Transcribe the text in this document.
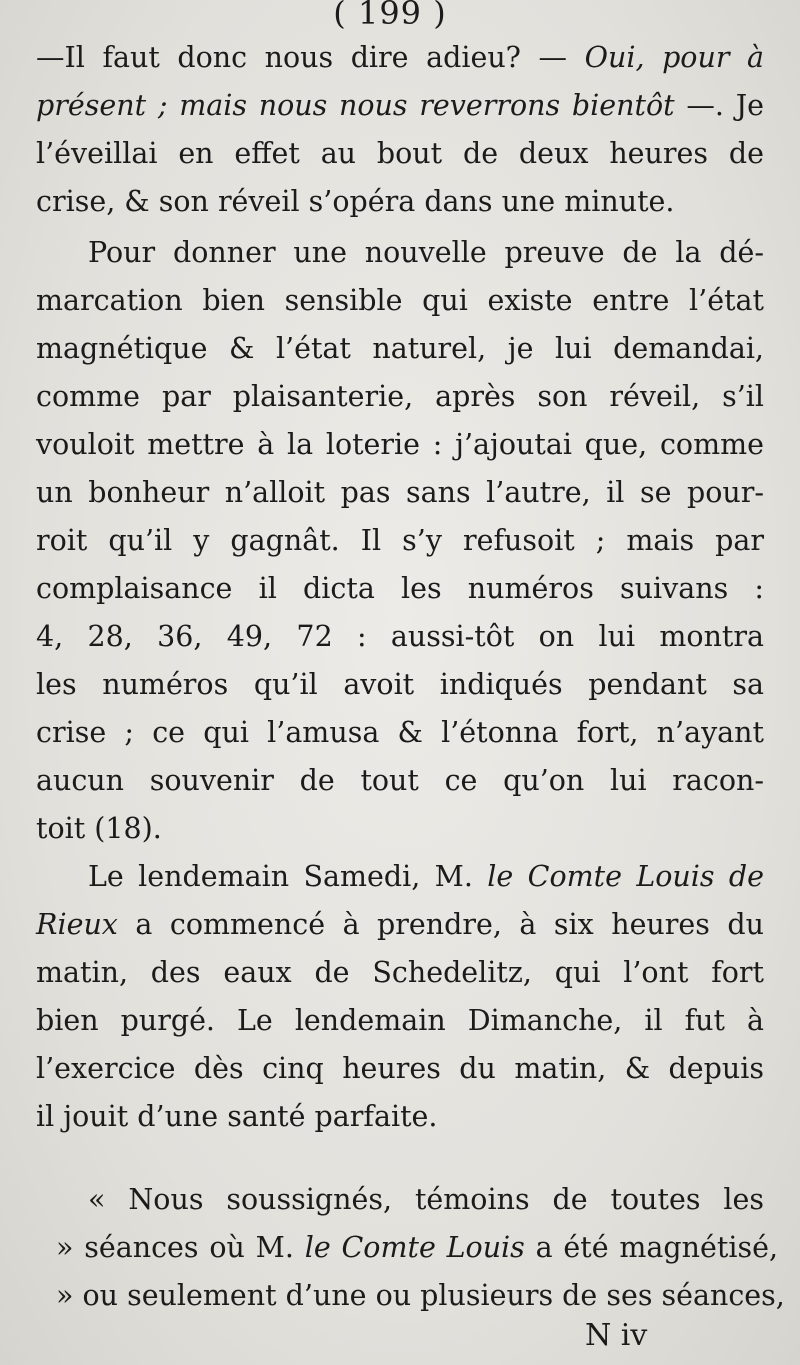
( 199 )
—Il faut donc nous dire adieu? — Oui, pour à
présent ; mais nous nous reverrons bientôt —. Je
l’éveillai en effet au bout de deux heures de
crise, & son réveil s’opéra dans une minute.
Pour donner une nouvelle preuve de la dé-
marcation bien sensible qui existe entre l’état
magnétique & l’état naturel, je lui demandai,
comme par plaisanterie, après son réveil, s’il
vouloit mettre à la loterie : j’ajoutai que, comme
un bonheur n’alloit pas sans l’autre, il se pour-
roit qu’il y gagnât. Il s’y refusoit ; mais par
complaisance il dicta les numéros suivans :
4, 28, 36, 49, 72 : aussi-tôt on lui montra
les numéros qu’il avoit indiqués pendant sa
crise ; ce qui l’amusa & l’étonna fort, n’ayant
aucun souvenir de tout ce qu’on lui racon-
toit (18).
Le lendemain Samedi, M. le Comte Louis de
Rieux a commencé à prendre, à six heures du
matin, des eaux de Schedelitz, qui l’ont fort
bien purgé. Le lendemain Dimanche, il fut à
l’exercice dès cinq heures du matin, & depuis
il jouit d’une santé parfaite.
« Nous soussignés, témoins de toutes les
» séances où M. le Comte Louis a été magnétisé,
» ou seulement d’une ou plusieurs de ses séances,
N iv
